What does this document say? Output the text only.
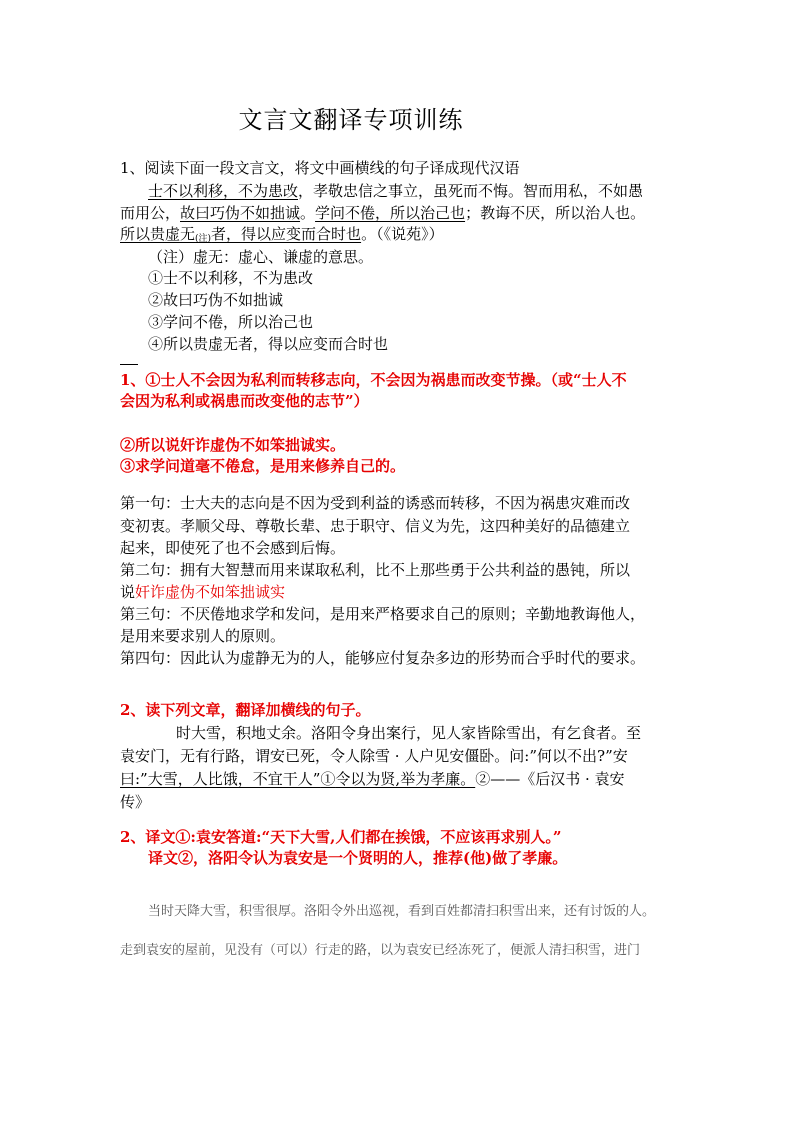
文言文翻译专项训练
1、阅读下面一段文言文，将文中画横线的句子译成现代汉语
士不以利移，不为患改，孝敬忠信之事立，虽死而不悔。智而用私，不如愚
而用公，故曰巧伪不如拙诚。学问不倦，所以治己也；教诲不厌，所以治人也。
所以贵虚无$_{(注)}$者，得以应变而合时也。（《说苑》）
（注）虚无：虚心、谦虚的意思。
①士不以利移，不为患改
②故曰巧伪不如拙诚
③学问不倦，所以治己也
④所以贵虚无者，得以应变而合时也
1、①士人不会因为私利而转移志向，不会因为祸患而改变节操。（或“士人不
会因为私利或祸患而改变他的志节”）
②所以说奸诈虚伪不如笨拙诚实。
③求学问道毫不倦怠，是用来修养自己的。
第一句：士大夫的志向是不因为受到利益的诱惑而转移，不因为祸患灾难而改
变初衷。孝顺父母、尊敬长辈、忠于职守、信义为先，这四种美好的品德建立
起来，即使死了也不会感到后悔。
第二句：拥有大智慧而用来谋取私利，比不上那些勇于公共利益的愚钝，所以
说奸诈虚伪不如笨拙诚实
第三句：不厌倦地求学和发问，是用来严格要求自己的原则；辛勤地教诲他人，
是用来要求别人的原则。
第四句：因此认为虚静无为的人，能够应付复杂多边的形势而合乎时代的要求。
2、读下列文章，翻译加横线的句子。
时大雪，积地丈余。洛阳令身出案行，见人家皆除雪出，有乞食者。至
袁安门，无有行路，谓安已死，令人除雪 · 人户见安僵卧。问:”何以不出?”安
曰:”大雪，人比饿，不宜干人”①令以为贤,举为孝廉。②——《后汉书 · 袁安
传》
2、译文①:袁安答道:“天下大雪,人们都在挨饿，不应该再求别人。”
译文②，洛阳令认为袁安是一个贤明的人，推荐(他)做了孝廉。
当时天降大雪，积雪很厚。洛阳令外出巡视，看到百姓都清扫积雪出来，还有讨饭的人。
走到袁安的屋前，见没有（可以）行走的路，以为袁安已经冻死了，便派人清扫积雪，进门
